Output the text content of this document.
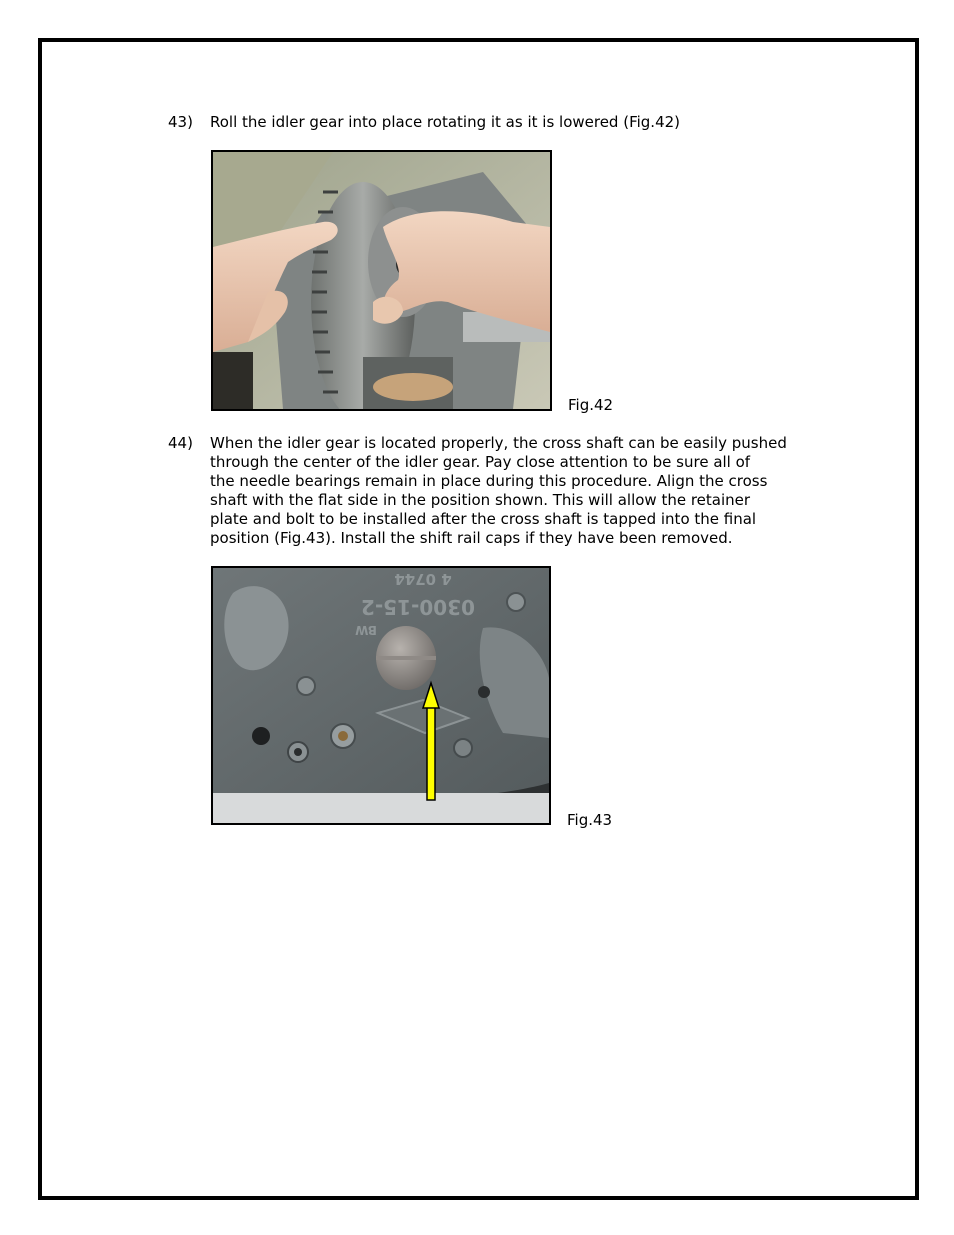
43)	Roll the idler gear into place rotating it as it is lowered (Fig.42)
Fig.42
44)	When the idler gear is located properly, the cross shaft can be easily pushed
through the center of the idler gear. Pay close attention to be sure all of
the needle bearings remain in place during this procedure. Align the cross
shaft with the flat side in the position shown. This will allow the retainer
plate and bolt to be installed after the cross shaft is tapped into the final
position (Fig.43). Install the shift rail caps if they have been removed.
4 0744
0300-15-2
BW
Fig.43
